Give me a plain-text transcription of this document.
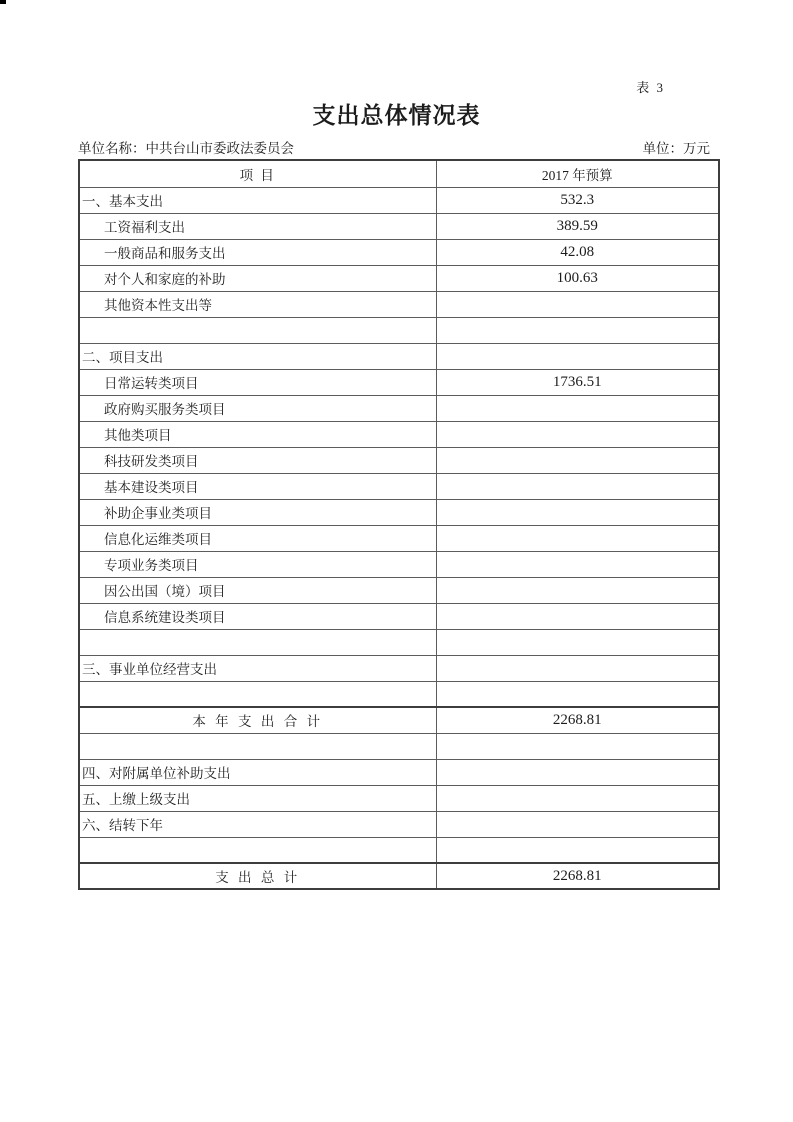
表 3
支出总体情况表
单位名称：中共台山市委政法委员会	单位：万元
项 目	2017 年预算
一、基本支出	532.3
工资福利支出	389.59
一般商品和服务支出	42.08
对个人和家庭的补助	100.63
其他资本性支出等	

二、项目支出	
日常运转类项目	1736.51
政府购买服务类项目	
其他类项目	
科技研发类项目	
基本建设类项目	
补助企事业类项目	
信息化运维类项目	
专项业务类项目	
因公出国（境）项目	
信息系统建设类项目	

三、事业单位经营支出	

本 年 支 出 合 计	2268.81

四、对附属单位补助支出	
五、上缴上级支出	
六、结转下年	

支 出 总 计	2268.81
